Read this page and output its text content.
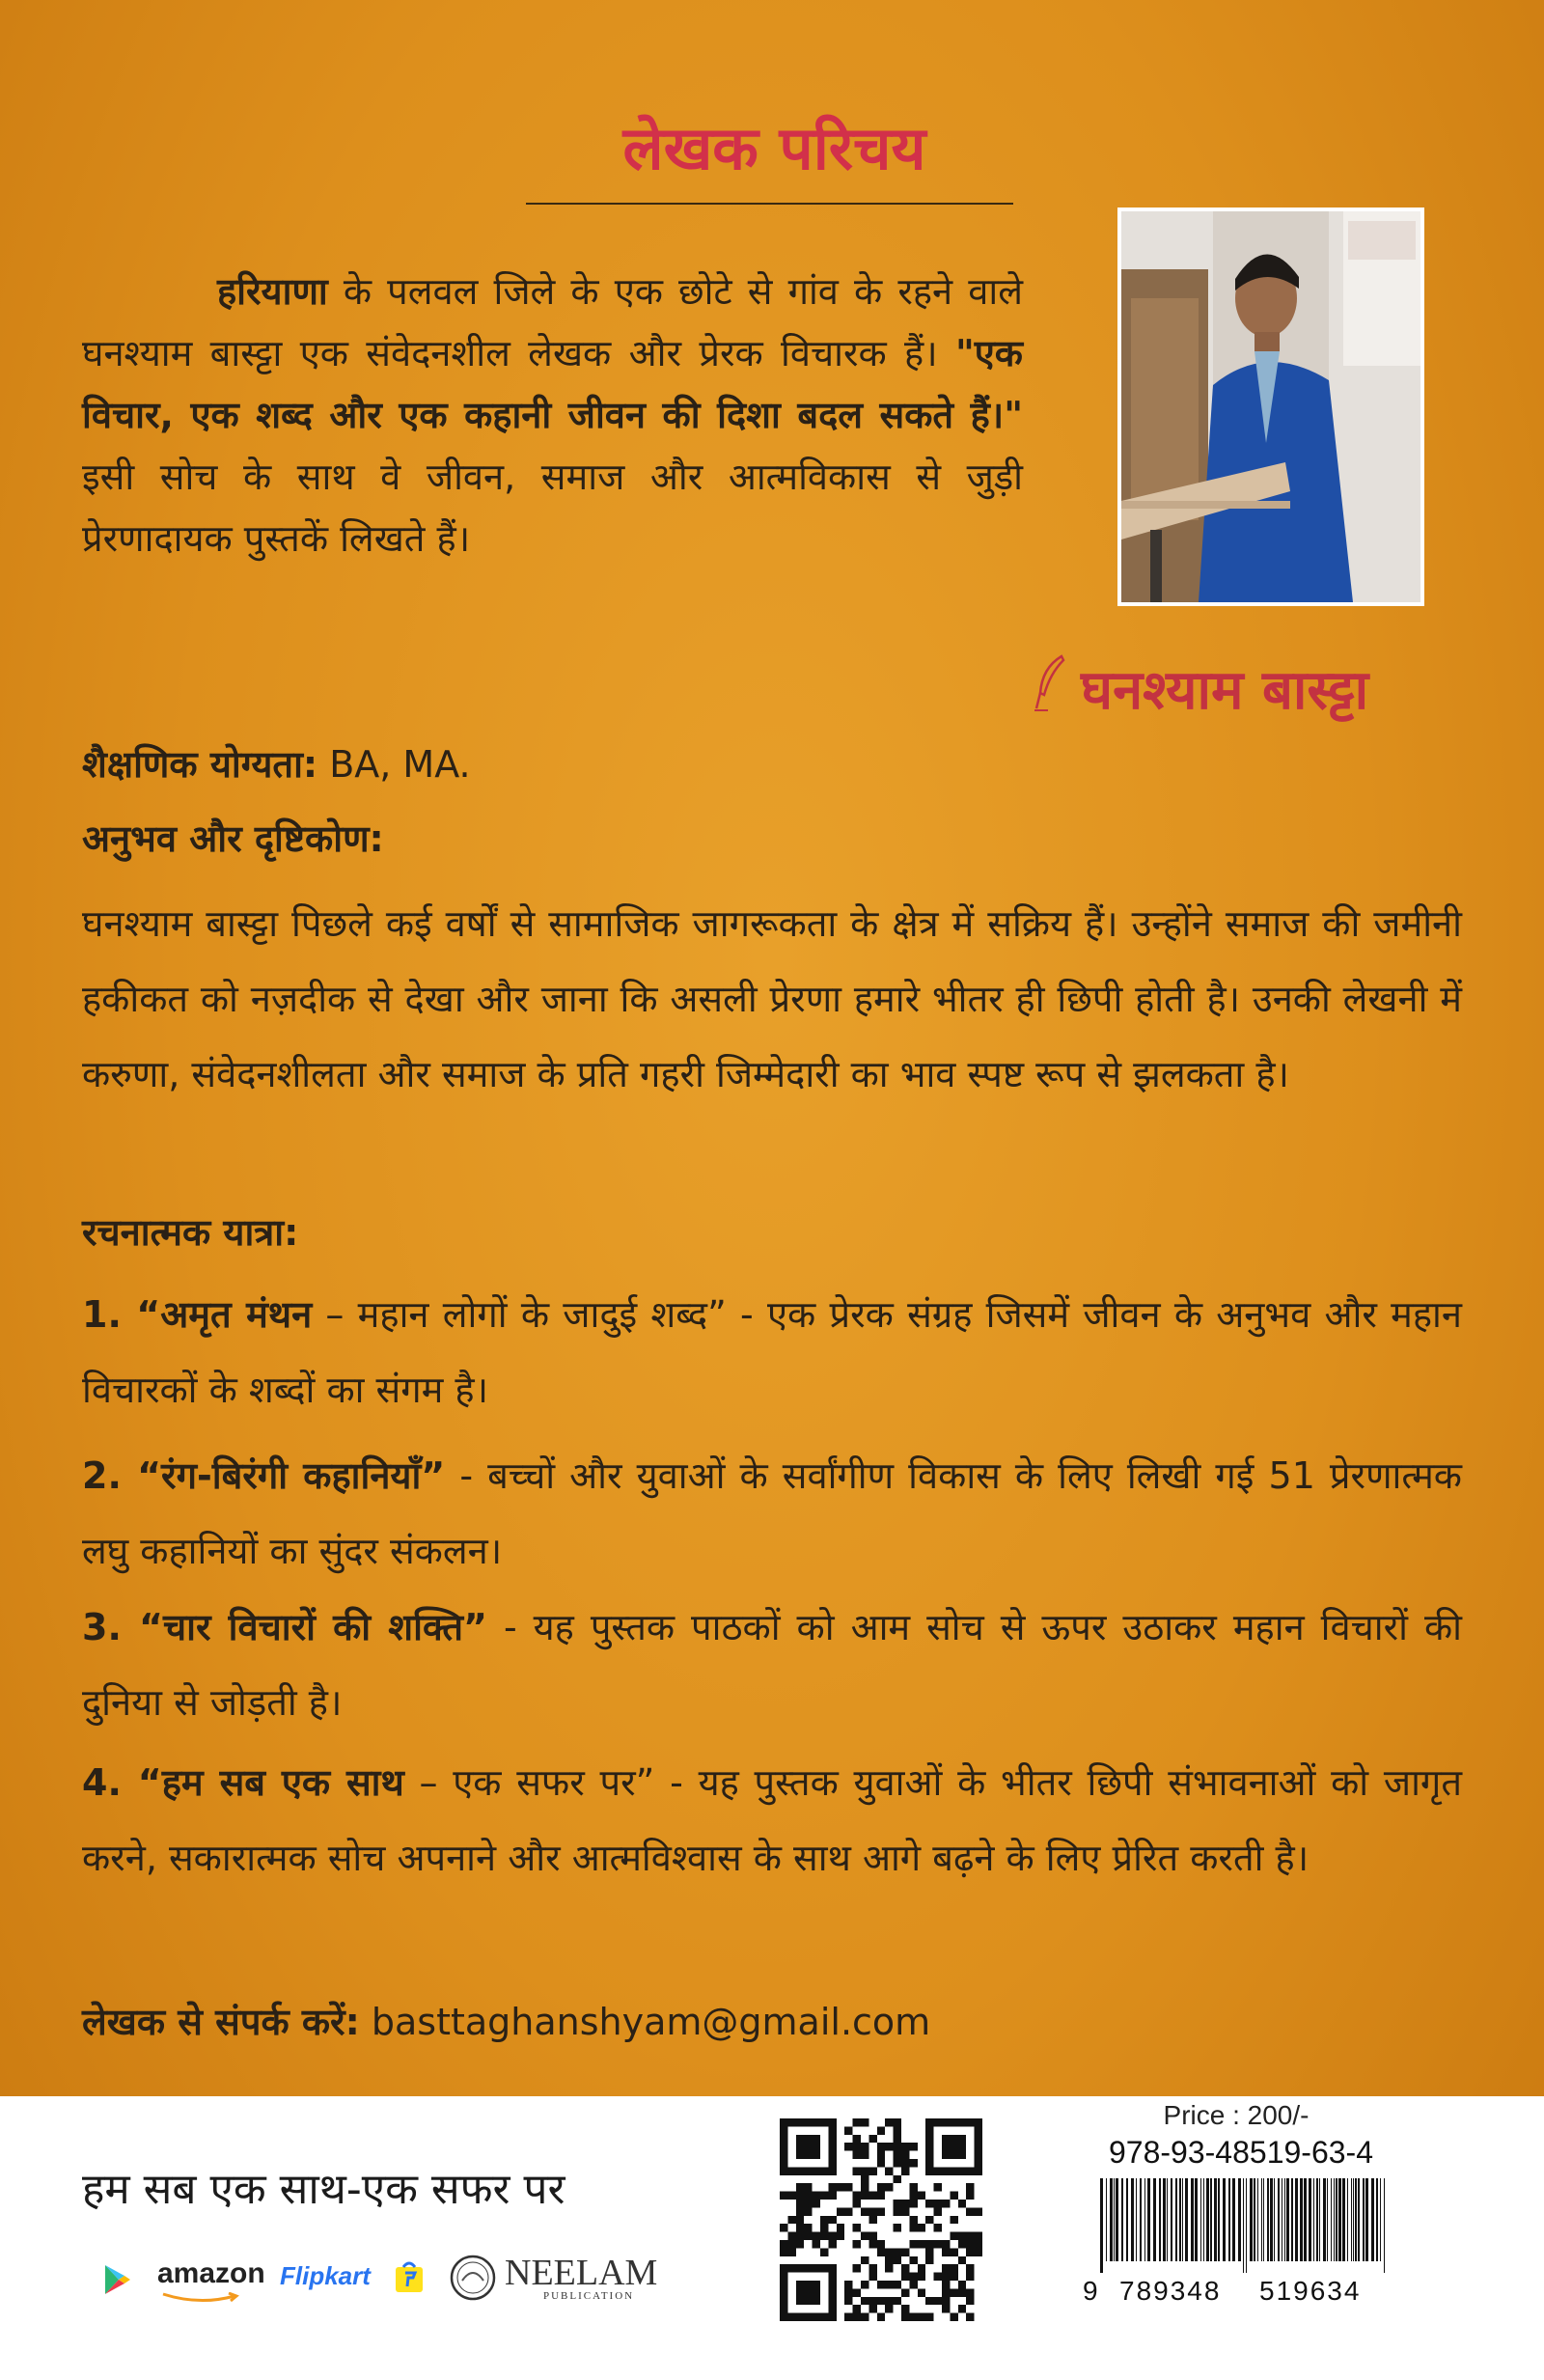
लेखक परिचय
हरियाणा के पलवल जिले के एक छोटे से गांव के रहने वाले घनश्याम बास्ट्टा एक संवेदनशील लेखक और प्रेरक विचारक हैं। "एक विचार, एक शब्द और एक कहानी जीवन की दिशा बदल सकते हैं।" इसी सोच के साथ वे जीवन, समाज और आत्मविकास से जुड़ी प्रेरणादायक पुस्तकें लिखते हैं।
घनश्याम बास्ट्टा
शैक्षणिक योग्यता: BA, MA.
अनुभव और दृष्टिकोण:
घनश्याम बास्ट्टा पिछले कई वर्षों से सामाजिक जागरूकता के क्षेत्र में सक्रिय हैं। उन्होंने समाज की जमीनी हकीकत को नज़दीक से देखा और जाना कि असली प्रेरणा हमारे भीतर ही छिपी होती है। उनकी लेखनी में करुणा, संवेदनशीलता और समाज के प्रति गहरी जिम्मेदारी का भाव स्पष्ट रूप से झलकता है।
रचनात्मक यात्रा:
1. “अमृत मंथन – महान लोगों के जादुई शब्द” - एक प्रेरक संग्रह जिसमें जीवन के अनुभव और महान विचारकों के शब्दों का संगम है।
2. “रंग-बिरंगी कहानियाँ” - बच्चों और युवाओं के सर्वांगीण विकास के लिए लिखी गई 51 प्रेरणात्मक लघु कहानियों का सुंदर संकलन।
3. “चार विचारों की शक्ति” - यह पुस्तक पाठकों को आम सोच से ऊपर उठाकर महान विचारों की दुनिया से जोड़ती है।
4. “हम सब एक साथ – एक सफर पर” - यह पुस्तक युवाओं के भीतर छिपी संभावनाओं को जागृत करने, सकारात्मक सोच अपनाने और आत्मविश्वास के साथ आगे बढ़ने के लिए प्रेरित करती है।
लेखक से संपर्क करें: basttaghanshyam@gmail.com
हम सब एक साथ-एक सफर पर
amazon Flipkart	NEELAM
PUBLICATION
Price : 200/-
978-93-48519-63-4
9 789348 519634
